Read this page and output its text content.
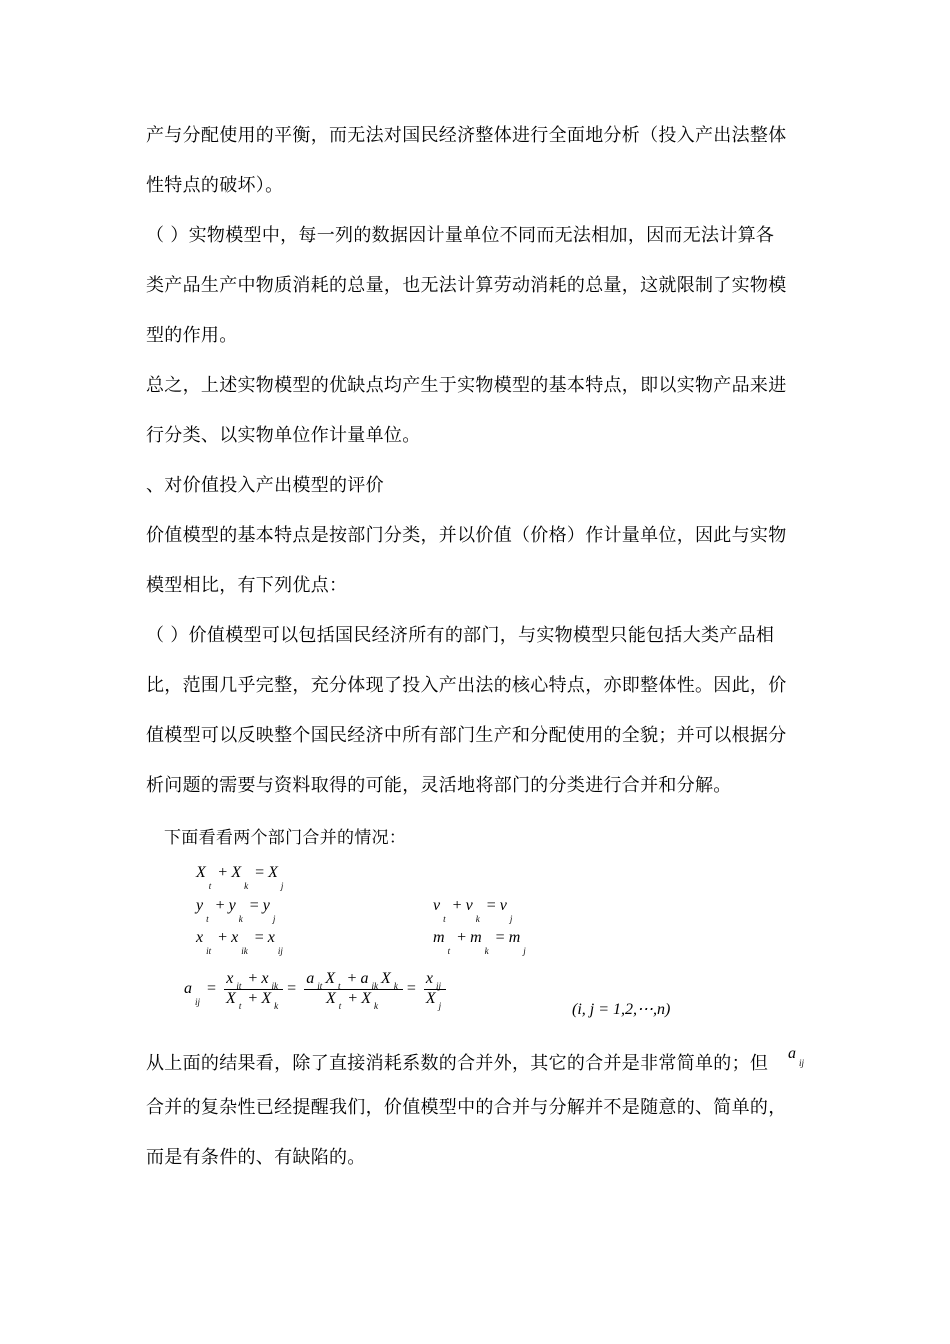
产与分配使用的平衡，而无法对国民经济整体进行全面地分析（投入产出法整体
性特点的破坏）。
（ ）实物模型中，每一列的数据因计量单位不同而无法相加，因而无法计算各
类产品生产中物质消耗的总量，也无法计算劳动消耗的总量，这就限制了实物模
型的作用。
总之，上述实物模型的优缺点均产生于实物模型的基本特点，即以实物产品来进
行分类、以实物单位作计量单位。
、对价值投入产出模型的评价
价值模型的基本特点是按部门分类，并以价值（价格）作计量单位，因此与实物
模型相比，有下列优点：
（ ）价值模型可以包括国民经济所有的部门，与实物模型只能包括大类产品相
比，范围几乎完整，充分体现了投入产出法的核心特点，亦即整体性。因此，价
值模型可以反映整个国民经济中所有部门生产和分配使用的全貌；并可以根据分
析问题的需要与资料取得的可能，灵活地将部门的分类进行合并和分解。
下面看看两个部门合并的情况：
$X_t+ X_k= X_j$
$y_t+ y_k= y_j$
$x_{it}+ x_{ik}= x_{ij}$
$v_t+ v_k= v_j$
$m_t+ m_k= m_j$
$a_{ij}= \frac{x _{it} + x _{ik}}{X _t + X _k} = \frac{a _{it} X _t + a _{ik} X _k}{X _t + X _k} = \frac{x _{ij}}{X _j}$
(i, j = 1,2,⋯,n)
从上面的结果看，除了直接消耗系数的合并外，其它的合并是非常简单的；但 $a_{ij}$
合并的复杂性已经提醒我们，价值模型中的合并与分解并不是随意的、简单的，
而是有条件的、有缺陷的。
